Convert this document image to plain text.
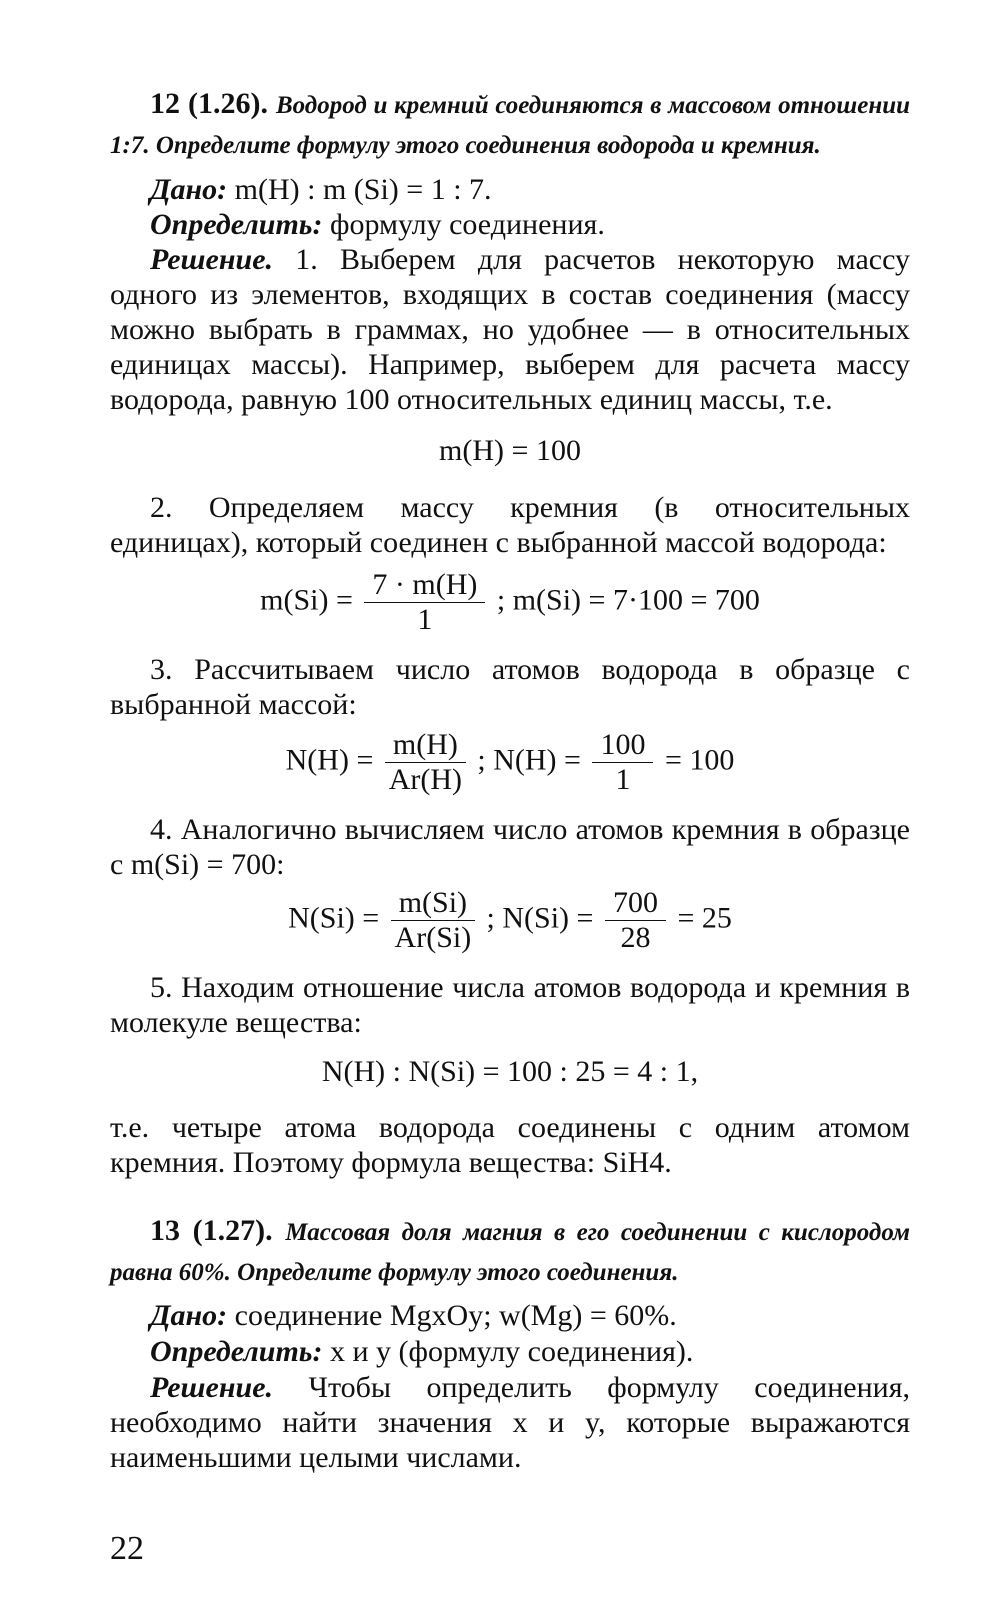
12 (1.26). Водород и кремний соединяются в массовом отношении 1:7. Определите формулу этого соединения водорода и кремния.

Дано: m(H) : m (Si) = 1 : 7.

Определить: формулу соединения.

Решение. 1. Выберем для расчетов некоторую массу одного из элементов, входящих в состав соединения (массу можно выбрать в граммах, но удобнее — в относительных единицах массы). Например, выберем для расчета массу водорода, равную 100 относительных единиц массы, т.е.

m(H) = 100

2. Определяем массу кремния (в относительных единицах), который соединен с выбранной массой водорода:

$m(Si) = \frac{7 \cdot m(H)}{1}$ ; m(Si) = 7·100 = 700

3. Рассчитываем число атомов водорода в образце с выбранной массой:

$N(H) = \frac{m(H)}{Ar(H)}$ ; $N(H) = \frac{100}{1} = 100$

4. Аналогично вычисляем число атомов кремния в образце с m(Si) = 700:

$N(Si) = \frac{m(Si)}{Ar(Si)}$ ; $N(Si) = \frac{700}{28} = 25$

5. Находим отношение числа атомов водорода и кремния в молекуле вещества:

N(H) : N(Si) = 100 : 25 = 4 : 1,

т.е. четыре атома водорода соединены с одним атомом кремния. Поэтому формула вещества: SiH4.

13 (1.27). Массовая доля магния в его соединении с кислородом равна 60%. Определите формулу этого соединения.

Дано: соединение MgxOy; w(Mg) = 60%.

Определить: x и y (формулу соединения).

Решение. Чтобы определить формулу соединения, необходимо найти значения x и y, которые выражаются наименьшими целыми числами.

22
